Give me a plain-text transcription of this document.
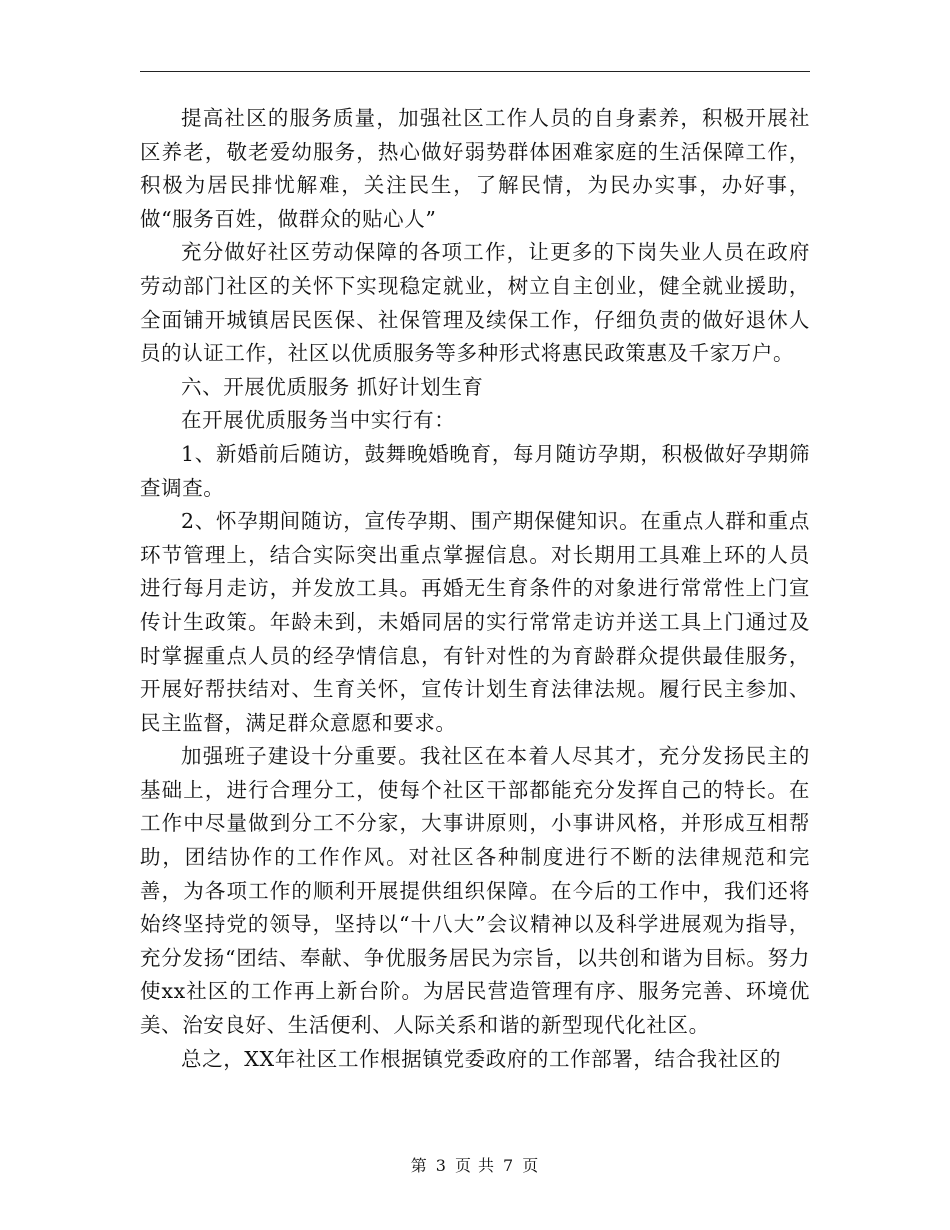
提高社区的服务质量，加强社区工作人员的自身素养，积极开展社区养老，敬老爱幼服务，热心做好弱势群体困难家庭的生活保障工作，积极为居民排忧解难，关注民生，了解民情，为民办实事，办好事，做“服务百姓，做群众的贴心人”

充分做好社区劳动保障的各项工作，让更多的下岗失业人员在政府劳动部门社区的关怀下实现稳定就业，树立自主创业，健全就业援助，全面铺开城镇居民医保、社保管理及续保工作，仔细负责的做好退休人员的认证工作，社区以优质服务等多种形式将惠民政策惠及千家万户。

六、开展优质服务 抓好计划生育

在开展优质服务当中实行有：

1、新婚前后随访，鼓舞晚婚晚育，每月随访孕期，积极做好孕期筛查调查。

2、怀孕期间随访，宣传孕期、围产期保健知识。在重点人群和重点环节管理上，结合实际突出重点掌握信息。对长期用工具难上环的人员进行每月走访，并发放工具。再婚无生育条件的对象进行常常性上门宣传计生政策。年龄未到，未婚同居的实行常常走访并送工具上门通过及时掌握重点人员的经孕情信息，有针对性的为育龄群众提供最佳服务，开展好帮扶结对、生育关怀，宣传计划生育法律法规。履行民主参加、民主监督，满足群众意愿和要求。

加强班子建设十分重要。我社区在本着人尽其才，充分发扬民主的基础上，进行合理分工，使每个社区干部都能充分发挥自己的特长。在工作中尽量做到分工不分家，大事讲原则，小事讲风格，并形成互相帮助，团结协作的工作作风。对社区各种制度进行不断的法律规范和完善，为各项工作的顺利开展提供组织保障。在今后的工作中，我们还将始终坚持党的领导，坚持以“十八大”会议精神以及科学进展观为指导，充分发扬“团结、奉献、争优服务居民为宗旨，以共创和谐为目标。努力使xx社区的工作再上新台阶。为居民营造管理有序、服务完善、环境优美、治安良好、生活便利、人际关系和谐的新型现代化社区。

总之，XX年社区工作根据镇党委政府的工作部署，结合我社区的

第 3 页 共 7 页
